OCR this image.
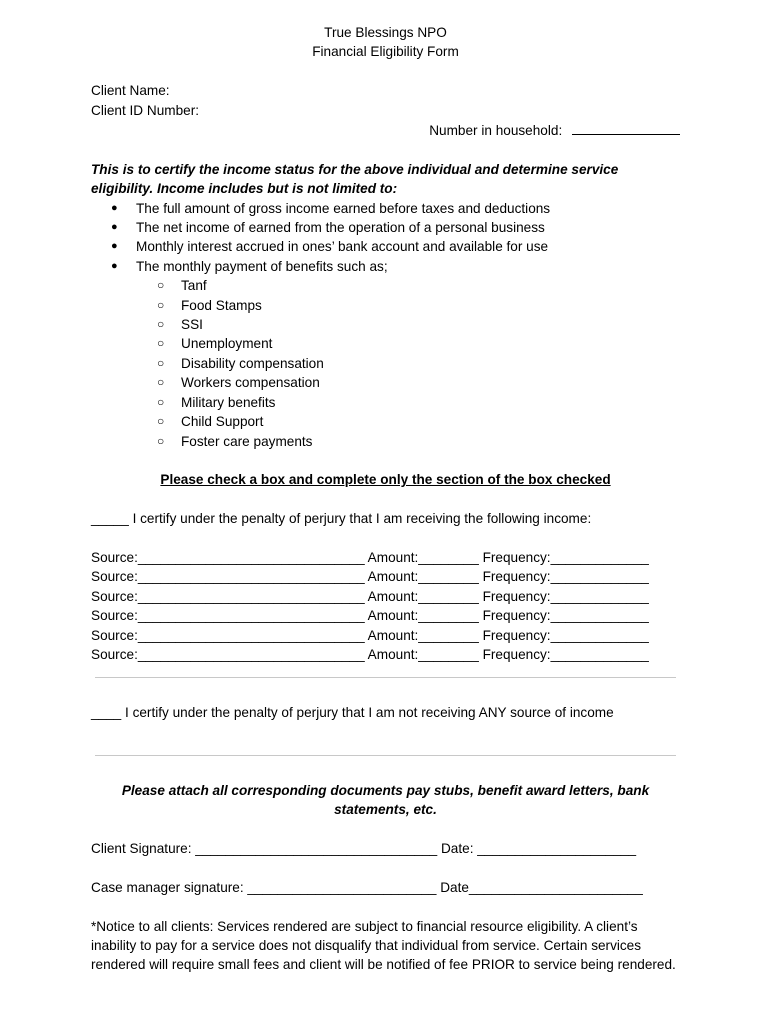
True Blessings NPO
Financial Eligibility Form
Client Name:
Client ID Number:
Number in household:
This is to certify the income status for the above individual and determine service eligibility. Income includes but is not limited to:
● The full amount of gross income earned before taxes and deductions
● The net income of earned from the operation of a personal business
● Monthly interest accrued in ones’ bank account and available for use
● The monthly payment of benefits such as;
○ Tanf
○ Food Stamps
○ SSI
○ Unemployment
○ Disability compensation
○ Workers compensation
○ Military benefits
○ Child Support
○ Foster care payments
Please check a box and complete only the section of the box checked
_____ I certify under the penalty of perjury that I am receiving the following income:
Source:______________________________ Amount:________ Frequency:_____________
Source:______________________________ Amount:________ Frequency:_____________
Source:______________________________ Amount:________ Frequency:_____________
Source:______________________________ Amount:________ Frequency:_____________
Source:______________________________ Amount:________ Frequency:_____________
Source:______________________________ Amount:________ Frequency:_____________
____ I certify under the penalty of perjury that I am not receiving ANY source of income
Please attach all corresponding documents pay stubs, benefit award letters, bank statements, etc.
Client Signature: ________________________________ Date: _____________________
Case manager signature: _________________________ Date_______________________
*Notice to all clients: Services rendered are subject to financial resource eligibility. A client’s inability to pay for a service does not disqualify that individual from service. Certain services rendered will require small fees and client will be notified of fee PRIOR to service being rendered.
